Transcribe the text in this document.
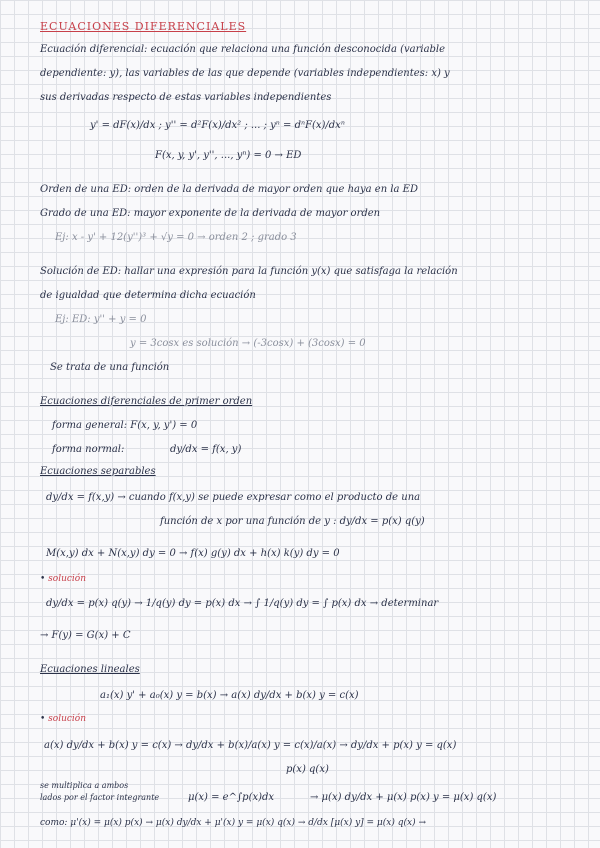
ECUACIONES DIFERENCIALES
Ecuación diferencial: ecuación que relaciona una función desconocida (variable
dependiente: y), las variables de las que depende (variables independientes: x) y
sus derivadas respecto de estas variables independientes
y' = dF(x)/dx ; y'' = d²F(x)/dx² ; ... ; yⁿ = dⁿF(x)/dxⁿ
F(x, y, y', y'', ..., yⁿ) = 0 → ED
Orden de una ED: orden de la derivada de mayor orden que haya en la ED
Grado de una ED: mayor exponente de la derivada de mayor orden
Ej: x - y' + 12(y'')³ + √y = 0 → orden 2 ; grado 3
Solución de ED: hallar una expresión para la función y(x) que satisfaga la relación
de igualdad que determina dicha ecuación
Ej: ED: y'' + y = 0
y = 3cosx es solución → (-3cosx) + (3cosx) = 0
Se trata de una función
Ecuaciones diferenciales de primer orden
forma general: F(x, y, y') = 0
forma normal:	dy/dx = f(x, y)
Ecuaciones separables
dy/dx = f(x,y) → cuando f(x,y) se puede expresar como el producto de una
función de x por una función de y : dy/dx = p(x) q(y)
M(x,y) dx + N(x,y) dy = 0 → f(x) g(y) dx + h(x) k(y) dy = 0
• solución
dy/dx = p(x) q(y) → 1/q(y) dy = p(x) dx → ∫ 1/q(y) dy = ∫ p(x) dx → determinar
→ F(y) = G(x) + C
Ecuaciones lineales
a₁(x) y' + a₀(x) y = b(x) → a(x) dy/dx + b(x) y = c(x)
• solución
a(x) dy/dx + b(x) y = c(x) → dy/dx + b(x)/a(x) y = c(x)/a(x) → dy/dx + p(x) y = q(x)
p(x) q(x)
se multiplica a ambos
lados por el factor integrante	μ(x) = e^∫p(x)dx	→ μ(x) dy/dx + μ(x) p(x) y = μ(x) q(x)
como: μ'(x) = μ(x) p(x) → μ(x) dy/dx + μ'(x) y = μ(x) q(x) → d/dx [μ(x) y] = μ(x) q(x) →
